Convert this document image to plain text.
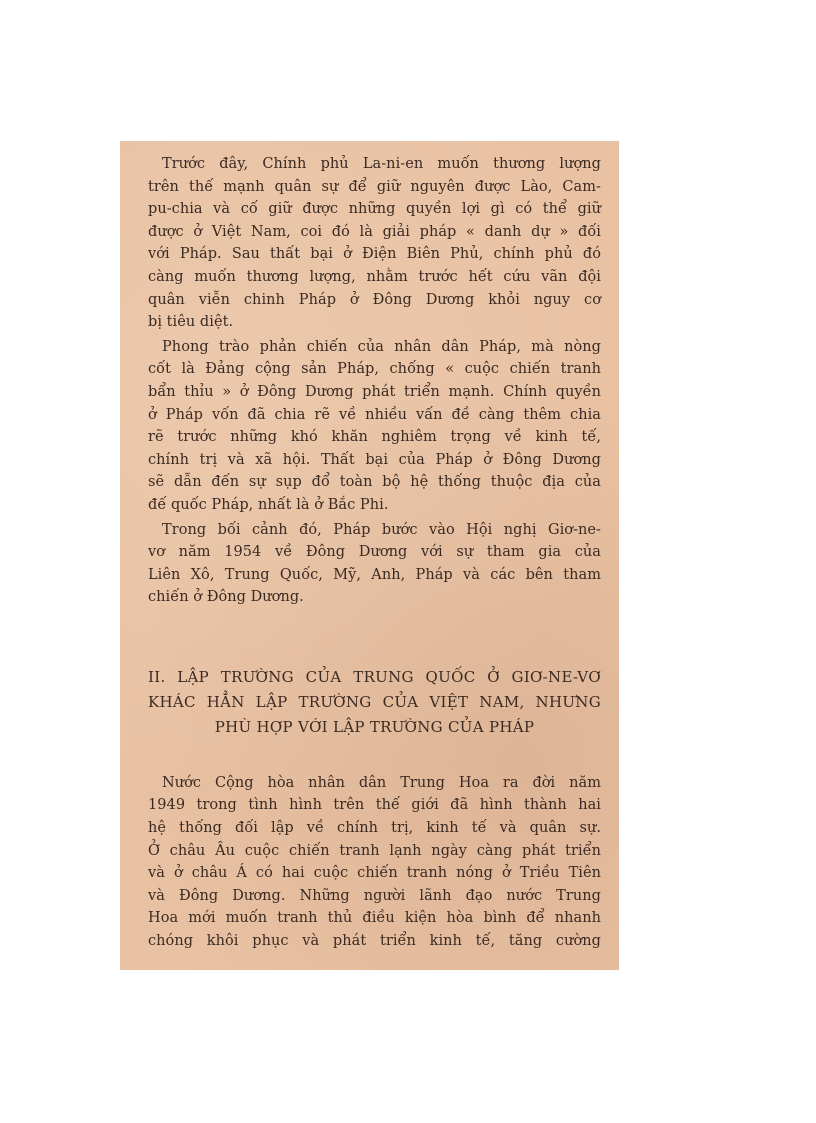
Trước đây, Chính phủ La-ni-en muốn thương lượng
trên thế mạnh quân sự để giữ nguyên được Lào, Cam-
pu-chia và cố giữ được những quyền lợi gì có thể giữ
được ở Việt Nam, coi đó là giải pháp « danh dự » đối
với Pháp. Sau thất bại ở Điện Biên Phủ, chính phủ đó
càng muốn thương lượng, nhằm trước hết cứu vãn đội
quân viễn chinh Pháp ở Đông Dương khỏi nguy cơ
bị tiêu diệt.
Phong trào phản chiến của nhân dân Pháp, mà nòng
cốt là Đảng cộng sản Pháp, chống « cuộc chiến tranh
bẩn thỉu » ở Đông Dương phát triển mạnh. Chính quyền
ở Pháp vốn đã chia rẽ về nhiều vấn đề càng thêm chia
rẽ trước những khó khăn nghiêm trọng về kinh tế,
chính trị và xã hội. Thất bại của Pháp ở Đông Dương
sẽ dẫn đến sự sụp đổ toàn bộ hệ thống thuộc địa của
đế quốc Pháp, nhất là ở Bắc Phi.
Trong bối cảnh đó, Pháp bước vào Hội nghị Giơ-ne-
vơ năm 1954 về Đông Dương với sự tham gia của
Liên Xô, Trung Quốc, Mỹ, Anh, Pháp và các bên tham
chiến ở Đông Dương.
II. LẬP TRƯỜNG CỦA TRUNG QUỐC Ở GIƠ-NE-VƠ
KHÁC HẲN LẬP TRƯỜNG CỦA VIỆT NAM, NHƯNG
PHÙ HỢP VỚI LẬP TRƯỜNG CỦA PHÁP
Nước Cộng hòa nhân dân Trung Hoa ra đời năm
1949 trong tình hình trên thế giới đã hình thành hai
hệ thống đối lập về chính trị, kinh tế và quân sự.
Ở châu Âu cuộc chiến tranh lạnh ngày càng phát triển
và ở châu Á có hai cuộc chiến tranh nóng ở Triều Tiên
và Đông Dương. Những người lãnh đạo nước Trung
Hoa mới muốn tranh thủ điều kiện hòa bình để nhanh
chóng khôi phục và phát triển kinh tế, tăng cường
